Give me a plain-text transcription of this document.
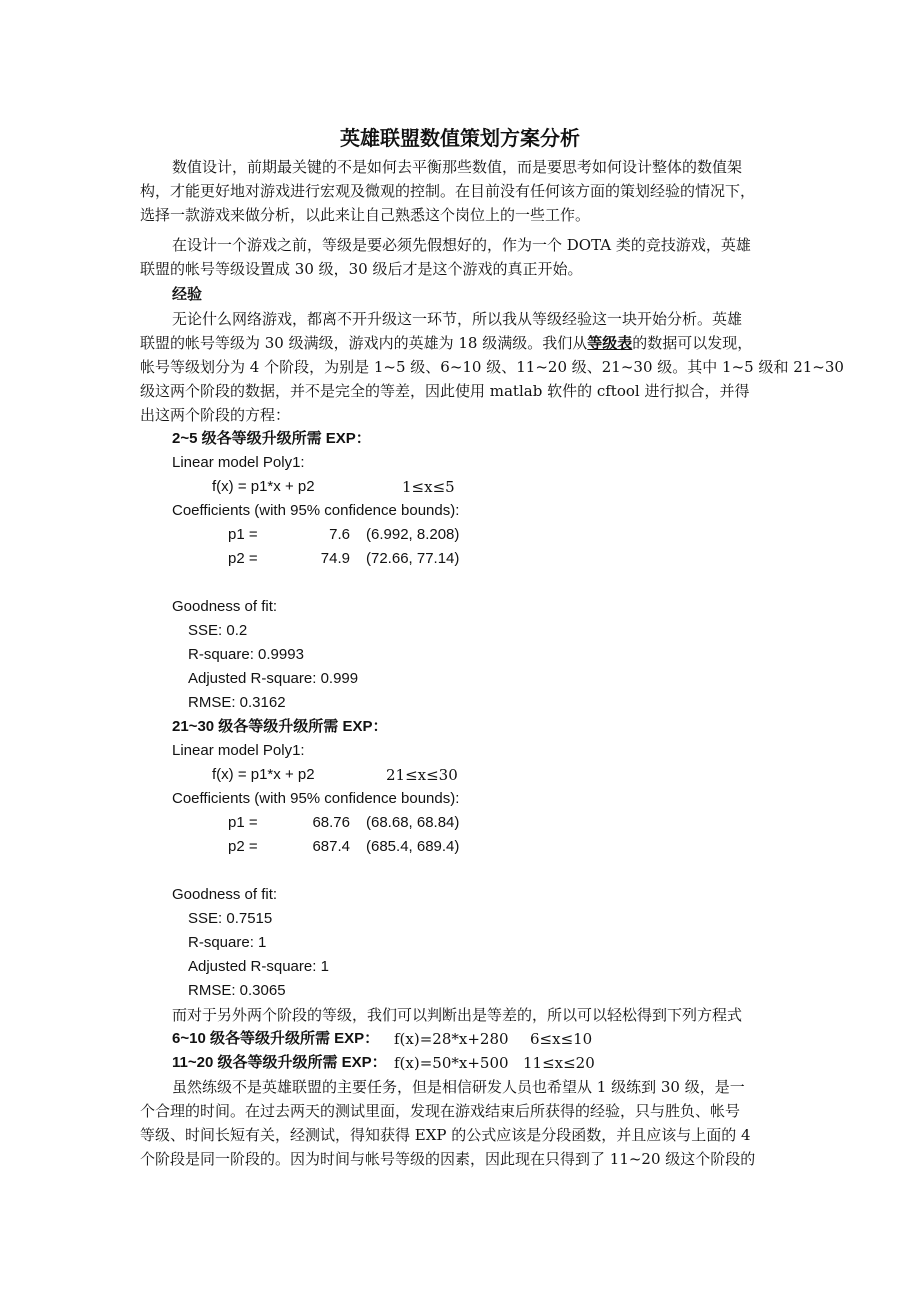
英雄联盟数值策划方案分析
数值设计，前期最关键的不是如何去平衡那些数值，而是要思考如何设计整体的数值架
构，才能更好地对游戏进行宏观及微观的控制。在目前没有任何该方面的策划经验的情况下，
选择一款游戏来做分析，以此来让自己熟悉这个岗位上的一些工作。
在设计一个游戏之前，等级是要必须先假想好的，作为一个 DOTA 类的竞技游戏，英雄
联盟的帐号等级设置成 30 级，30 级后才是这个游戏的真正开始。
经验
无论什么网络游戏，都离不开升级这一环节，所以我从等级经验这一块开始分析。英雄
联盟的帐号等级为 30 级满级，游戏内的英雄为 18 级满级。我们从等级表的数据可以发现，
帐号等级划分为 4 个阶段，为别是 1~5 级、6~10 级、11~20 级、21~30 级。其中 1~5 级和 21~30
级这两个阶段的数据，并不是完全的等差，因此使用 matlab 软件的 cftool 进行拟合，并得
出这两个阶段的方程：
2~5 级各等级升级所需 EXP：
Linear model Poly1:
f(x) = p1*x + p2	1≤x≤5
Coefficients (with 95% confidence bounds):
p1 =	7.6 (6.992, 8.208)
p2 =	74.9 (72.66, 77.14)
Goodness of fit:
SSE: 0.2
R-square: 0.9993
Adjusted R-square: 0.999
RMSE: 0.3162
21~30 级各等级升级所需 EXP：
Linear model Poly1:
f(x) = p1*x + p2	21≤x≤30
Coefficients (with 95% confidence bounds):
p1 =	68.76 (68.68, 68.84)
p2 =	687.4 (685.4, 689.4)
Goodness of fit:
SSE: 0.7515
R-square: 1
Adjusted R-square: 1
RMSE: 0.3065
而对于另外两个阶段的等级，我们可以判断出是等差的，所以可以轻松得到下列方程式
6~10 级各等级升级所需 EXP： f(x)=28*x+280 6≤x≤10
11~20 级各等级升级所需 EXP： f(x)=50*x+500 11≤x≤20
虽然练级不是英雄联盟的主要任务，但是相信研发人员也希望从 1 级练到 30 级，是一
个合理的时间。在过去两天的测试里面，发现在游戏结束后所获得的经验，只与胜负、帐号
等级、时间长短有关，经测试，得知获得 EXP 的公式应该是分段函数，并且应该与上面的 4
个阶段是同一阶段的。因为时间与帐号等级的因素，因此现在只得到了 11~20 级这个阶段的
